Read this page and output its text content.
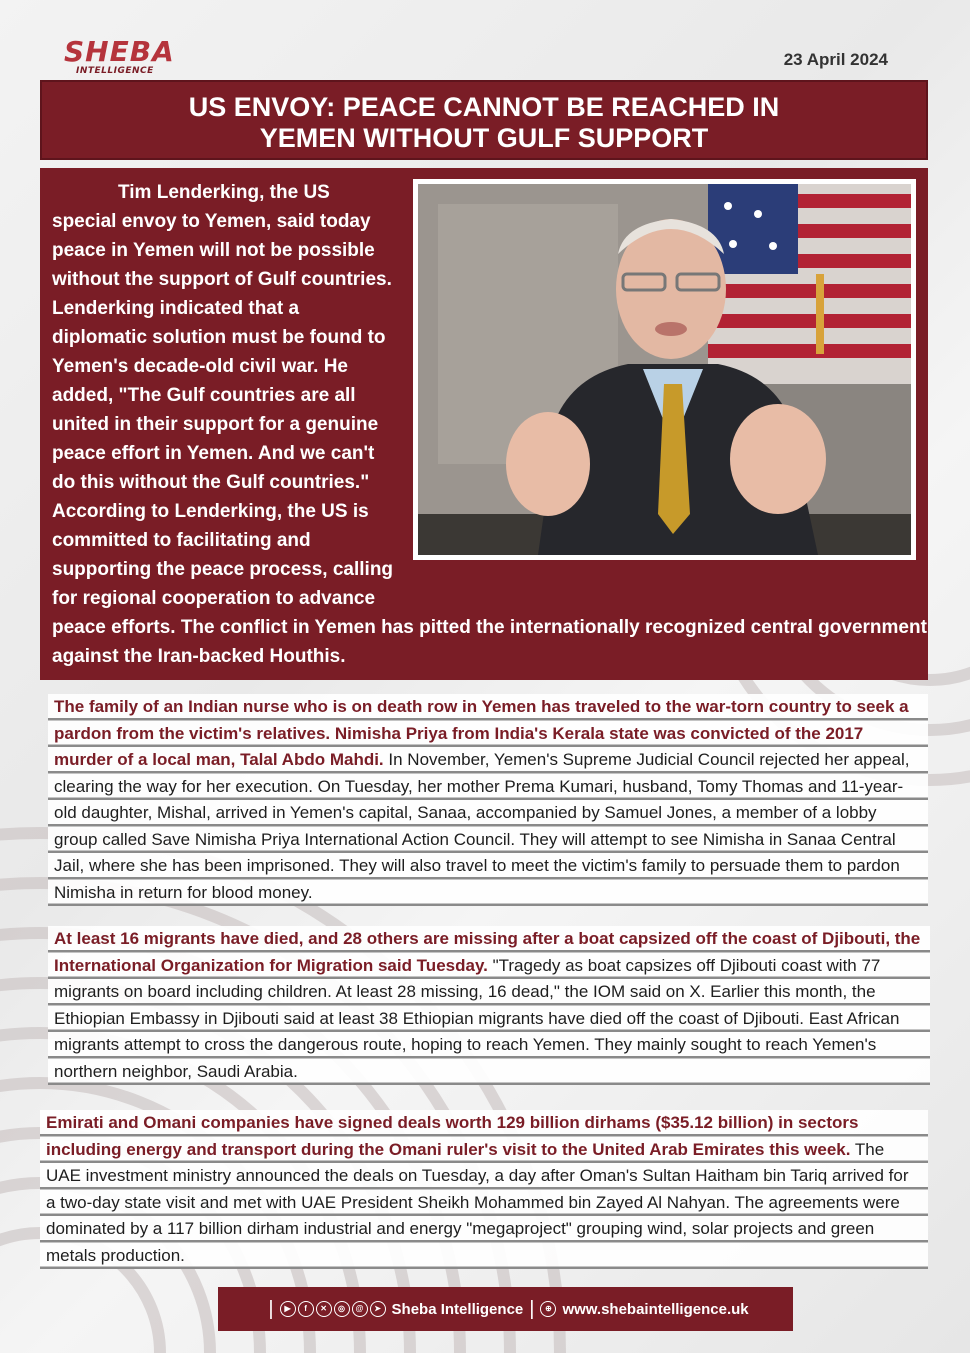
SHEBA
INTELLIGENCE
23 April 2024
US ENVOY: PEACE CANNOT BE REACHED IN
YEMEN WITHOUT GULF SUPPORT
Tim Lenderking, the US special envoy to Yemen, said today peace in Yemen will not be possible without the support of Gulf countries. Lenderking indicated that a diplomatic solution must be found to Yemen's decade-old civil war. He added, "The Gulf countries are all united in their support for a genuine peace effort in Yemen. And we can't do this without the Gulf countries." According to Lenderking, the US is committed to facilitating and supporting the peace process, calling for regional cooperation to advance peace efforts. The conflict in Yemen has pitted the internationally recognized central government against the Iran-backed Houthis.

The family of an Indian nurse who is on death row in Yemen has traveled to the war-torn country to seek a pardon from the victim's relatives. Nimisha Priya from India's Kerala state was convicted of the 2017 murder of a local man, Talal Abdo Mahdi. In November, Yemen's Supreme Judicial Council rejected her appeal, clearing the way for her execution. On Tuesday, her mother Prema Kumari, husband, Tomy Thomas and 11-year-old daughter, Mishal, arrived in Yemen's capital, Sanaa, accompanied by Samuel Jones, a member of a lobby group called Save Nimisha Priya International Action Council. They will attempt to see Nimisha in Sanaa Central Jail, where she has been imprisoned. They will also travel to meet the victim's family to persuade them to pardon Nimisha in return for blood money.

At least 16 migrants have died, and 28 others are missing after a boat capsized off the coast of Djibouti, the International Organization for Migration said Tuesday. "Tragedy as boat capsizes off Djibouti coast with 77 migrants on board including children. At least 28 missing, 16 dead," the IOM said on X. Earlier this month, the Ethiopian Embassy in Djibouti said at least 38 Ethiopian migrants have died off the coast of Djibouti. East African migrants attempt to cross the dangerous route, hoping to reach Yemen. They mainly sought to reach Yemen's northern neighbor, Saudi Arabia.

Emirati and Omani companies have signed deals worth 129 billion dirhams ($35.12 billion) in sectors including energy and transport during the Omani ruler's visit to the United Arab Emirates this week. The UAE investment ministry announced the deals on Tuesday, a day after Oman's Sultan Haitham bin Tariq arrived for a two-day state visit and met with UAE President Sheikh Mohammed bin Zayed Al Nahyan. The agreements were dominated by a 117 billion dirham industrial and energy "megaproject" grouping wind, solar projects and green metals production.

|	▶	f	✕	◎	@	➤ Sheba Intelligence |	⊕ www.shebaintelligence.uk
